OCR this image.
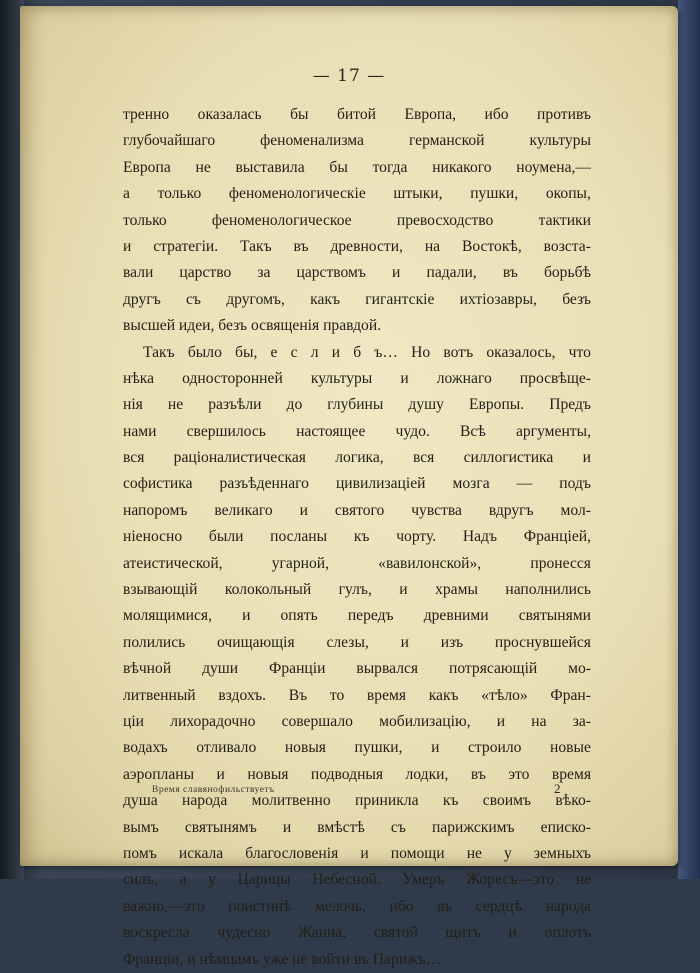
— 17 —
тренно оказалась бы битой Европа, ибо противъ
глубочайшаго	феноменализма	германской	культуры
Европа не выставила бы тогда никакого ноумена,—
а только феноменологическіе штыки, пушки, окопы,
только	феноменологическое	превосходство	тактики
и стратегіи. Такъ въ древности, на Востокѣ, возста-
вали царство за царствомъ и падали, въ борьбѣ
другъ съ другомъ, какъ гигантскіе ихтіозавры, безъ
высшей идеи, безъ освященія правдой.
Такъ было бы, е с л и б ъ… Но вотъ оказалось, что
нѣка односторонней культуры и ложнаго просвѣще-
нія не разъѣли до глубины душу Европы. Предъ
нами свершилось настоящее чудо. Всѣ аргументы,
вся раціоналистическая логика, вся силлогистика и
софистика разъѣденнаго цивилизаціей мозга — подъ
напоромъ великаго и святого чувства вдругъ мол-
ніеносно были посланы къ чорту. Надъ Франціей,
атеистической,	угарной,	«вавилонской»,	пронесся
взывающій колокольный гулъ, и храмы наполнились
молящимися, и опять передъ древними святынями
полились очищающія слезы, и изъ проснувшейся
вѣчной души Франціи вырвался потрясающій мо-
литвенный вздохъ. Въ то время какъ «тѣло» Фран-
ціи лихорадочно совершало мобилизацію, и на за-
водахъ отливало новыя пушки, и строило новые
аэропланы и новыя подводныя лодки, въ это время
душа народа молитвенно приникла къ своимъ вѣко-
вымъ святынямъ и вмѣстѣ съ парижскимъ еписко-
помъ искала благословенія и помощи не у земныхъ
силъ, а у Царицы Небесной. Умеръ Жоресъ—это не
важно,—это поистинѣ мелочь, ибо въ сердцѣ народа
воскресла чудесно Жанна, святой щитъ и оплотъ
Франціи, и нѣмцамъ уже не войти въ Парижъ…
Время славянофильствуетъ	2
